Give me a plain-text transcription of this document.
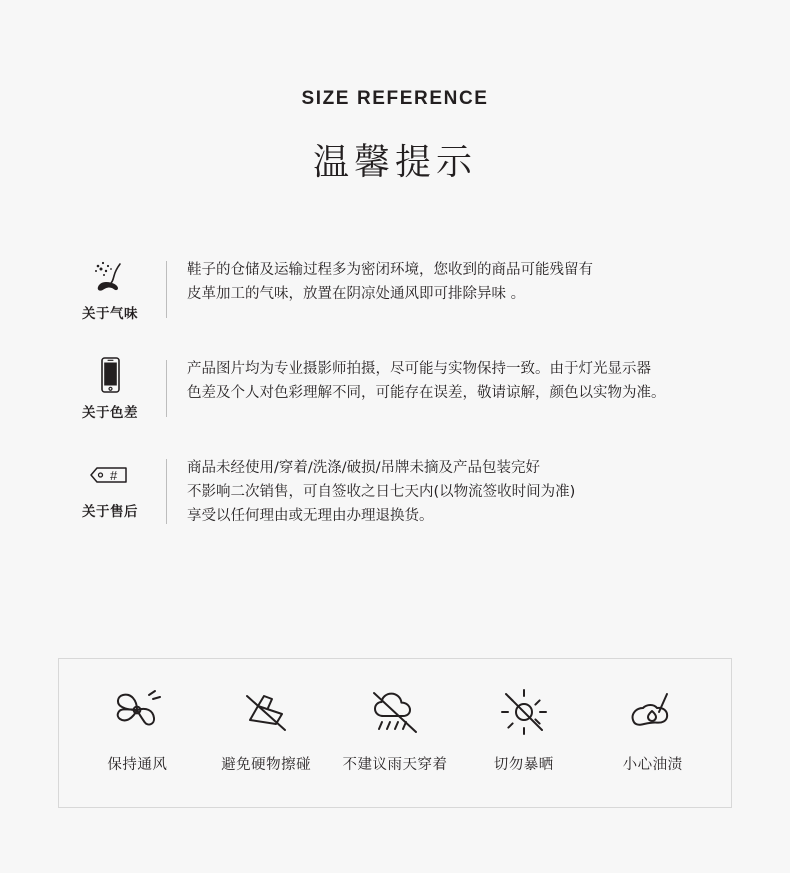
SIZE REFERENCE
温馨提示
关于气味
鞋子的仓储及运输过程多为密闭环境，您收到的商品可能残留有
皮革加工的气味，放置在阴凉处通风即可排除异味 。
关于色差
产品图片均为专业摄影师拍摄，尽可能与实物保持一致。由于灯光显示器
色差及个人对色彩理解不同，可能存在误差，敬请谅解，颜色以实物为准。
#
关于售后
商品未经使用/穿着/洗涤/破损/吊牌未摘及产品包装完好
不影响二次销售，可自签收之日七天内(以物流签收时间为准)
享受以任何理由或无理由办理退换货。
保持通风	避免硬物擦碰 不建议雨天穿着	切勿暴晒	小心油渍
